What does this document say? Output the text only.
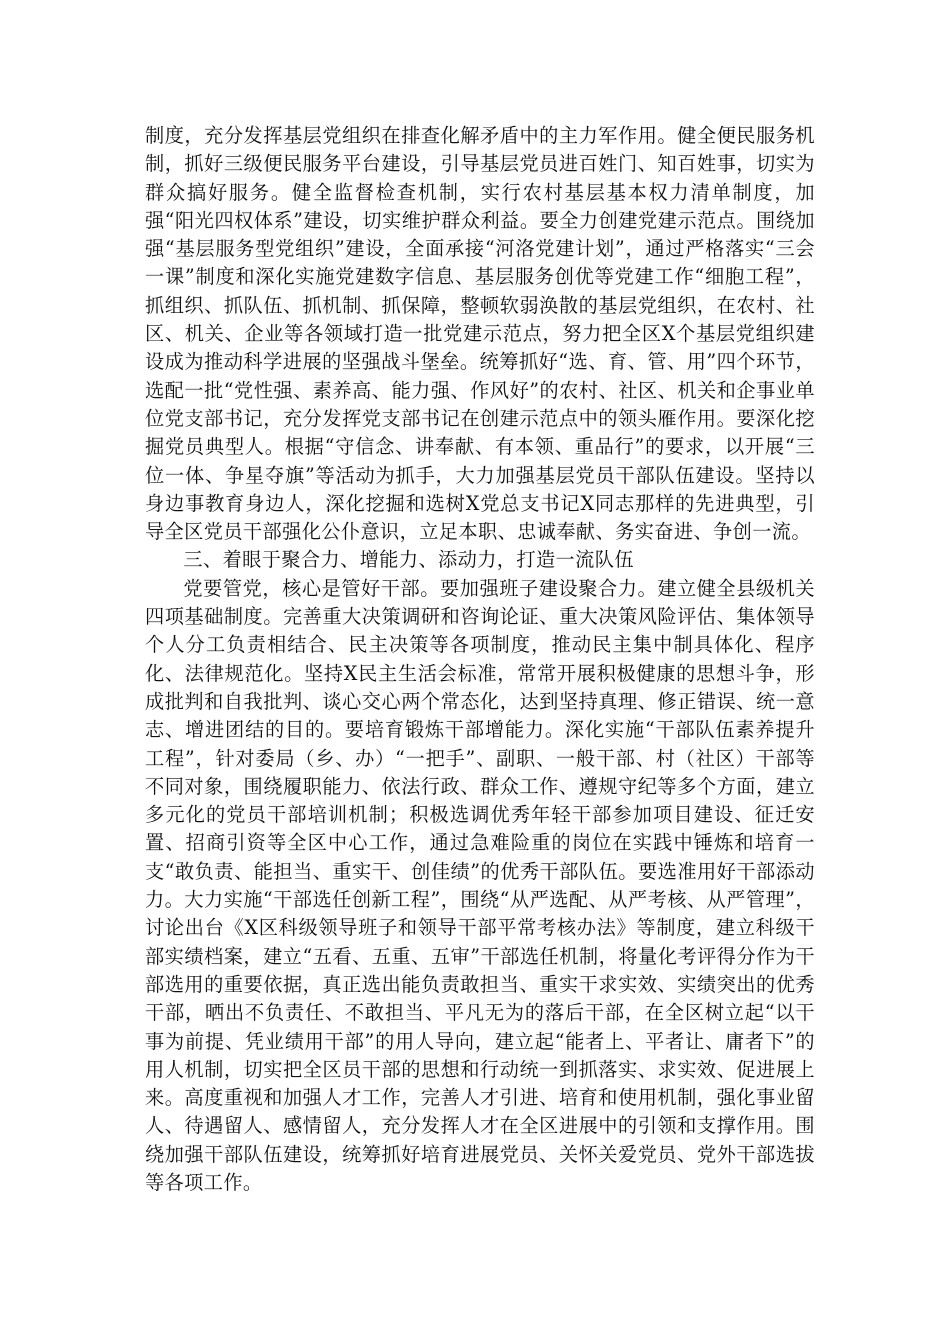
制度，充分发挥基层党组织在排查化解矛盾中的主力军作用。健全便民服务机制，抓好三级便民服务平台建设，引导基层党员进百姓门、知百姓事，切实为群众搞好服务。健全监督检查机制，实行农村基层基本权力清单制度，加强“阳光四权体系”建设，切实维护群众利益。要全力创建党建示范点。围绕加强“基层服务型党组织”建设，全面承接“河洛党建计划”，通过严格落实“三会一课”制度和深化实施党建数字信息、基层服务创优等党建工作“细胞工程”，抓组织、抓队伍、抓机制、抓保障，整顿软弱涣散的基层党组织，在农村、社区、机关、企业等各领域打造一批党建示范点，努力把全区X个基层党组织建设成为推动科学进展的坚强战斗堡垒。统筹抓好“选、育、管、用”四个环节，选配一批“党性强、素养高、能力强、作风好”的农村、社区、机关和企事业单位党支部书记，充分发挥党支部书记在创建示范点中的领头雁作用。要深化挖掘党员典型人。根据“守信念、讲奉献、有本领、重品行”的要求，以开展“三位一体、争星夺旗”等活动为抓手，大力加强基层党员干部队伍建设。坚持以身边事教育身边人，深化挖掘和选树X党总支书记X同志那样的先进典型，引导全区党员干部强化公仆意识，立足本职、忠诚奉献、务实奋进、争创一流。

三、着眼于聚合力、增能力、添动力，打造一流队伍

党要管党，核心是管好干部。要加强班子建设聚合力。建立健全县级机关四项基础制度。完善重大决策调研和咨询论证、重大决策风险评估、集体领导个人分工负责相结合、民主决策等各项制度，推动民主集中制具体化、程序化、法律规范化。坚持X民主生活会标准，常常开展积极健康的思想斗争，形成批判和自我批判、谈心交心两个常态化，达到坚持真理、修正错误、统一意志、增进团结的目的。要培育锻炼干部增能力。深化实施“干部队伍素养提升工程”，针对委局（乡、办）“一把手”、副职、一般干部、村（社区）干部等不同对象，围绕履职能力、依法行政、群众工作、遵规守纪等多个方面，建立多元化的党员干部培训机制；积极选调优秀年轻干部参加项目建设、征迁安置、招商引资等全区中心工作，通过急难险重的岗位在实践中锤炼和培育一支“敢负责、能担当、重实干、创佳绩”的优秀干部队伍。要选准用好干部添动力。大力实施“干部选任创新工程”，围绕“从严选配、从严考核、从严管理”，讨论出台《X区科级领导班子和领导干部平常考核办法》等制度，建立科级干部实绩档案，建立“五看、五重、五审”干部选任机制，将量化考评得分作为干部选用的重要依据，真正选出能负责敢担当、重实干求实效、实绩突出的优秀干部，晒出不负责任、不敢担当、平凡无为的落后干部，在全区树立起“以干事为前提、凭业绩用干部”的用人导向，建立起“能者上、平者让、庸者下”的用人机制，切实把全区员干部的思想和行动统一到抓落实、求实效、促进展上来。高度重视和加强人才工作，完善人才引进、培育和使用机制，强化事业留人、待遇留人、感情留人，充分发挥人才在全区进展中的引领和支撑作用。围绕加强干部队伍建设，统筹抓好培育进展党员、关怀关爱党员、党外干部选拔等各项工作。
